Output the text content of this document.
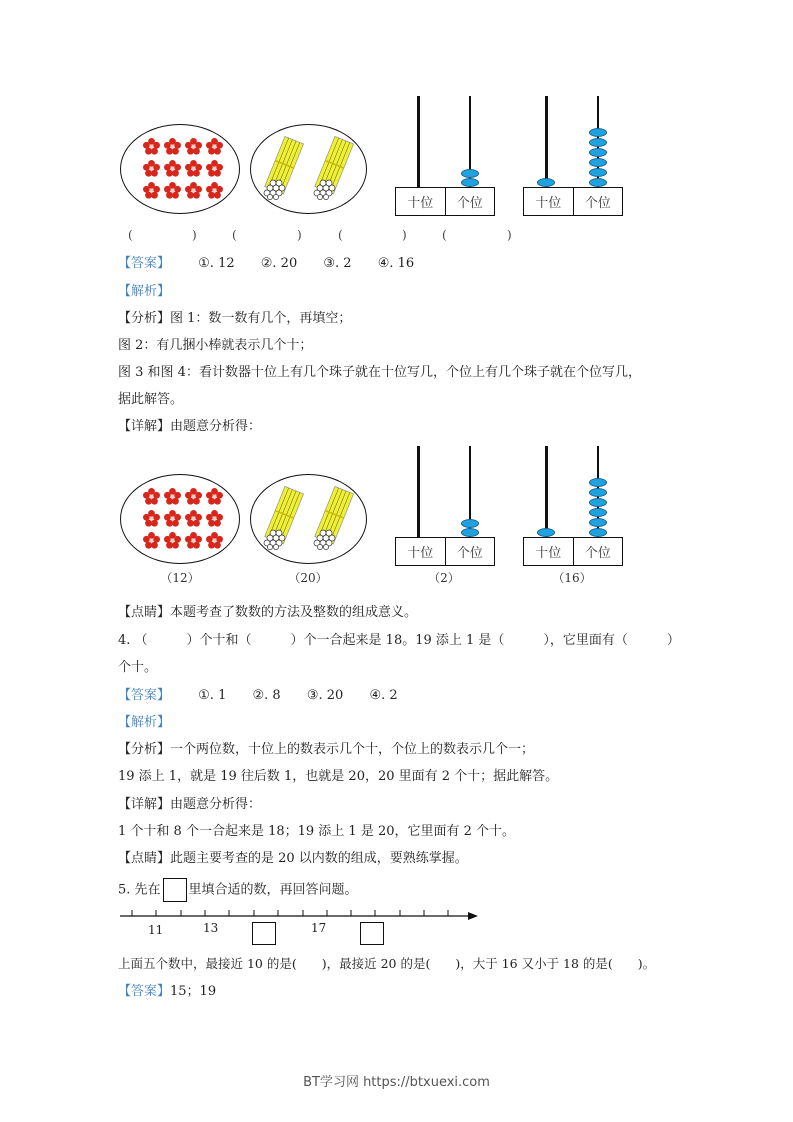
十位	个位	十位	个位
(	)	(	)	(	)	(	)
【答案】 ①. 12 ②. 20 ③. 2 ④. 16
【解析】
【分析】图 1：数一数有几个，再填空；
图 2：有几捆小棒就表示几个十；
图 3 和图 4：看计数器十位上有几个珠子就在十位写几，个位上有几个珠子就在个位写几，
据此解答。
【详解】由题意分析得：
十位	个位	十位	个位
（12）	（20）	（2）	（16）
【点睛】本题考查了数数的方法及整数的组成意义。
4. （　　　）个十和（　　　）个一合起来是 18。19 添上 1 是（　　　），它里面有（　　　）
个十。
【答案】 ①. 1 ②. 8 ③. 20 ④. 2
【解析】
【分析】一个两位数，十位上的数表示几个十，个位上的数表示几个一；
19 添上 1，就是 19 往后数 1，也就是 20，20 里面有 2 个十；据此解答。
【详解】由题意分析得：
1 个十和 8 个一合起来是 18；19 添上 1 是 20，它里面有 2 个十。
【点睛】此题主要考查的是 20 以内数的组成，要熟练掌握。
5. 先在 里填合适的数，再回答问题。
11	13	17
上面五个数中，最接近 10 的是(　　)，最接近 20 的是(　　)，大于 16 又小于 18 的是(　　)。
【答案】15；19
BT学习网 https://btxuexi.com
